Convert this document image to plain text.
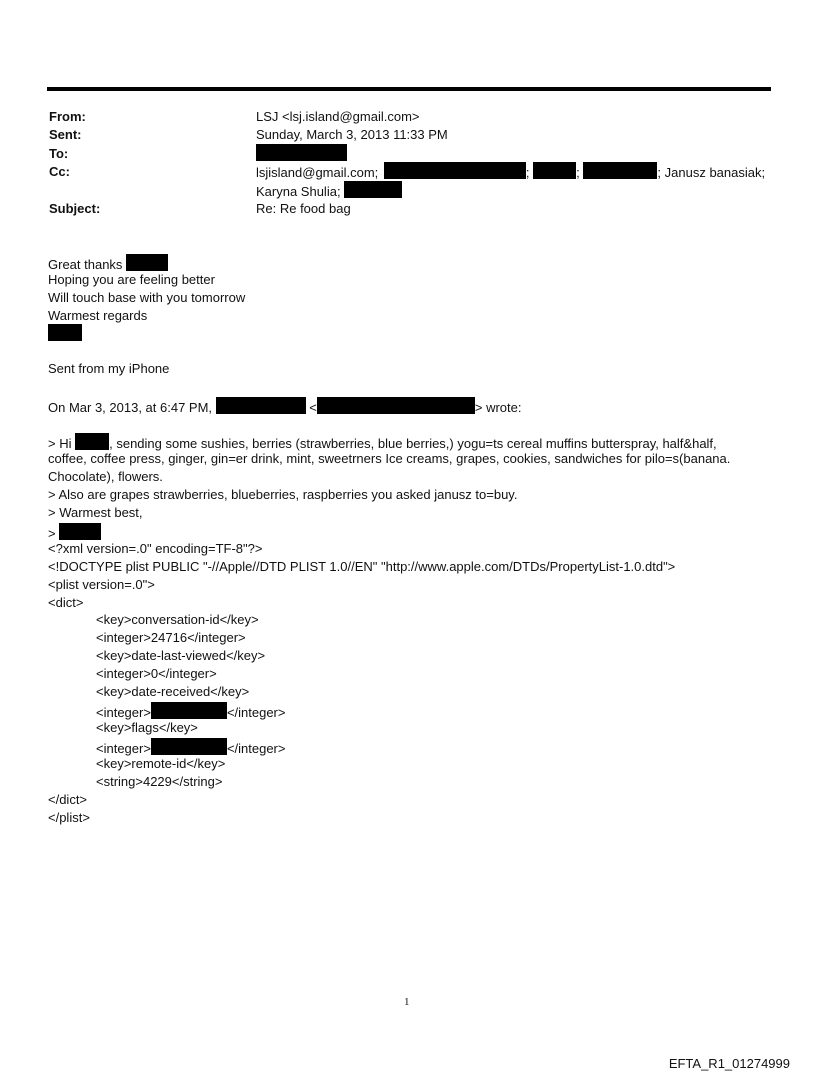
From:	LSJ <lsj.island@gmail.com>
Sent:	Sunday, March 3, 2013 11:33 PM
To:
Cc:	lsjisland@gmail.com;	;	;	; Janusz banasiak;
Karyna Shulia;
Subject:	Re: Re food bag
Great thanks
Hoping you are feeling better
Will touch base with you tomorrow
Warmest regards
Sent from my iPhone
On Mar 3, 2013, at 6:47 PM,	<	> wrote:
> Hi	, sending some sushies, berries (strawberries, blue berries,) yogu=ts cereal muffins butterspray, half&half,
coffee, coffee press, ginger, gin=er drink, mint, sweetrners Ice creams, grapes, cookies, sandwiches for pilo=s(banana.
Chocolate), flowers.
> Also are grapes strawberries, blueberries, raspberries you asked janusz to=buy.
> Warmest best,
>
<?xml version=.0" encoding=TF-8"?>
<!DOCTYPE plist PUBLIC "-//Apple//DTD PLIST 1.0//EN" "http://www.apple.com/DTDs/PropertyList-1.0.dtd">
<plist version=.0">
<dict>
<key>conversation-id</key>
<integer>24716</integer>
<key>date-last-viewed</key>
<integer>0</integer>
<key>date-received</key>
<integer>	</integer>
<key>flags</key>
<integer>	</integer>
<key>remote-id</key>
<string>4229</string>
</dict>
</plist>
1
EFTA_R1_01274999
